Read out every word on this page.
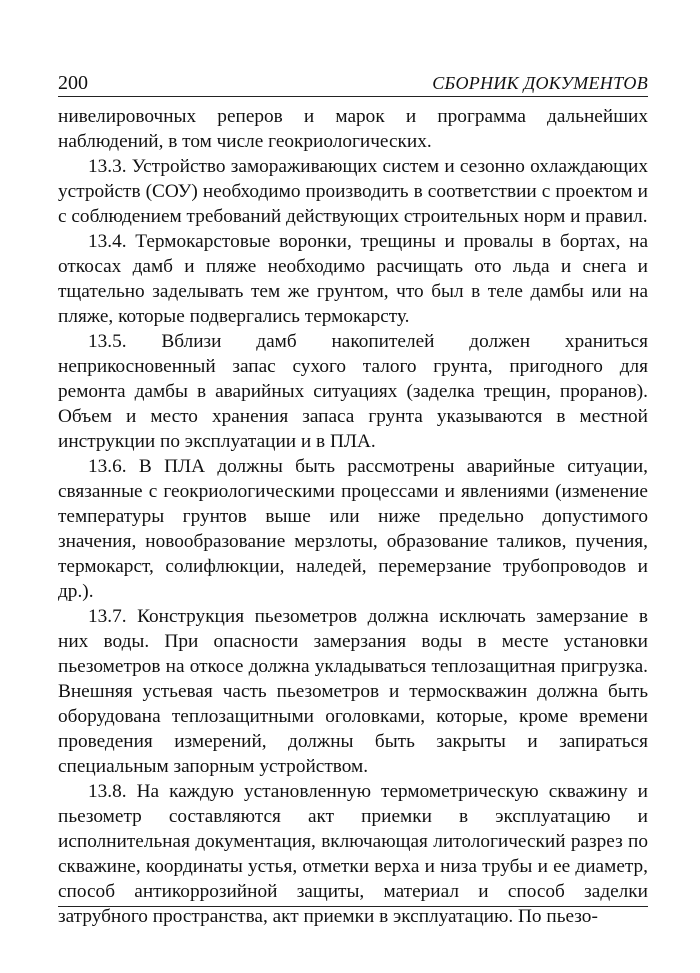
200	СБОРНИК ДОКУМЕНТОВ

нивелировочных реперов и марок и программа дальнейших наблюдений, в том числе геокриологических.

13.3. Устройство замораживающих систем и сезонно охлаждающих устройств (СОУ) необходимо производить в соответствии с проектом и с соблюдением требований действующих строительных норм и правил.

13.4. Термокарстовые воронки, трещины и провалы в бортах, на откосах дамб и пляже необходимо расчищать ото льда и снега и тщательно заделывать тем же грунтом, что был в теле дамбы или на пляже, которые подвергались термокарсту.

13.5. Вблизи дамб накопителей должен храниться неприкосновенный запас сухого талого грунта, пригодного для ремонта дамбы в аварийных ситуациях (заделка трещин, проранов). Объем и место хранения запаса грунта указываются в местной инструкции по эксплуатации и в ПЛА.

13.6. В ПЛА должны быть рассмотрены аварийные ситуации, связанные с геокриологическими процессами и явлениями (изменение температуры грунтов выше или ниже предельно допустимого значения, новообразование мерзлоты, образование таликов, пучения, термокарст, солифлюкции, наледей, перемерзание трубопроводов и др.).

13.7. Конструкция пьезометров должна исключать замерзание в них воды. При опасности замерзания воды в месте установки пьезометров на откосе должна укладываться теплозащитная пригрузка. Внешняя устьевая часть пьезометров и термоскважин должна быть оборудована теплозащитными оголовками, которые, кроме времени проведения измерений, должны быть закрыты и запираться специальным запорным устройством.

13.8. На каждую установленную термометрическую скважину и пьезометр составляются акт приемки в эксплуатацию и исполнительная документация, включающая литологический разрез по скважине, координаты устья, отметки верха и низа трубы и ее диаметр, способ антикоррозийной защиты, материал и способ заделки затрубного пространства, акт приемки в эксплуатацию. По пьезо-
